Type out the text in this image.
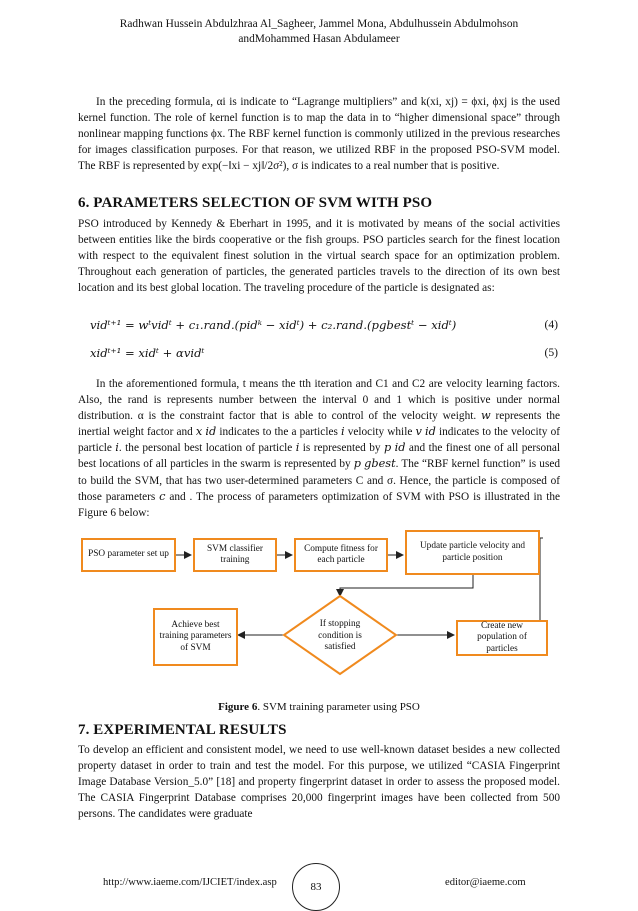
Radhwan Hussein Abdulzhraa Al_Sagheer, Jammel Mona, Abdulhussein Abdulmohson
andMohammed Hasan Abdulameer

In the preceding formula, αi is indicate to “Lagrange multipliers” and k(xi, xj) = ϕxi, ϕxj is the used kernel function. The role of kernel function is to map the data in to “higher dimensional space” through nonlinear mapping functions ϕx. The RBF kernel function is commonly utilized in the previous researches for images classification purposes. For that reason, we utilized RBF in the proposed PSO-SVM model. The RBF is represented by exp(−‖xi − xj‖/2σ²), σ is indicates to a real number that is positive.

6. PARAMETERS SELECTION OF SVM WITH PSO

PSO introduced by Kennedy & Eberhart in 1995, and it is motivated by means of the social activities between entities like the birds cooperative or the fish groups. PSO particles search for the finest location with respect to the equivalent finest solution in the virtual search space for an optimization problem. Throughout each generation of particles, the generated particles travels to the direction of its own best location and its best global location. The traveling procedure of the particle is designated as:

𝑣𝑖𝑑ᵗ⁺¹ = 𝑤ᵗ𝑣𝑖𝑑ᵗ + 𝑐₁.𝑟𝑎𝑛𝑑.(𝑝𝑖𝑑ᵏ − 𝑥𝑖𝑑ᵗ) + 𝑐₂.𝑟𝑎𝑛𝑑.(𝑝𝑔𝑏𝑒𝑠𝑡ᵗ − 𝑥𝑖𝑑ᵗ)	(4)
𝑥𝑖𝑑ᵗ⁺¹ = 𝑥𝑖𝑑ᵗ + 𝛼𝑣𝑖𝑑ᵗ	(5)

In the aforementioned formula, t means the tth iteration and C1 and C2 are velocity learning factors. Also, the rand is represents number between the interval 0 and 1 which is positive under normal distribution. α is the constraint factor that is able to control of the velocity weight. 𝑤 represents the inertial weight factor and 𝑥 𝑖𝑑 indicates to the a particles 𝑖 velocity while 𝑣 𝑖𝑑 indicates to the velocity of particle 𝑖. the personal best location of particle 𝑖 is represented by 𝑝 𝑖𝑑 and the finest one of all personal best locations of all particles in the swarm is represented by 𝑝 𝑔𝑏𝑒𝑠𝑡. The “RBF kernel function” is used to build the SVM, that has two user-determined parameters C and σ. Hence, the particle is composed of those parameters 𝑐 and . The process of parameters optimization of SVM with PSO is illustrated in the Figure 6 below:

PSO parameter set up
SVM classifier training
Compute fitness for each particle
Update particle velocity and particle position
Achieve best training parameters of SVM
If stopping condition is satisfied
Create new population of particles
Figure 6. SVM training parameter using PSO
7. EXPERIMENTAL RESULTS

To develop an efficient and consistent model, we need to use well-known dataset besides a new collected property dataset in order to train and test the model. For this purpose, we utilized “CASIA Fingerprint Image Database Version_5.0” [18] and property fingerprint dataset in order to assess the proposed model. The CASIA Fingerprint Database comprises 20,000 fingerprint images have been collected from 500 persons. The candidates were graduate

http://www.iaeme.com/IJCIET/index.asp	83	editor@iaeme.com
